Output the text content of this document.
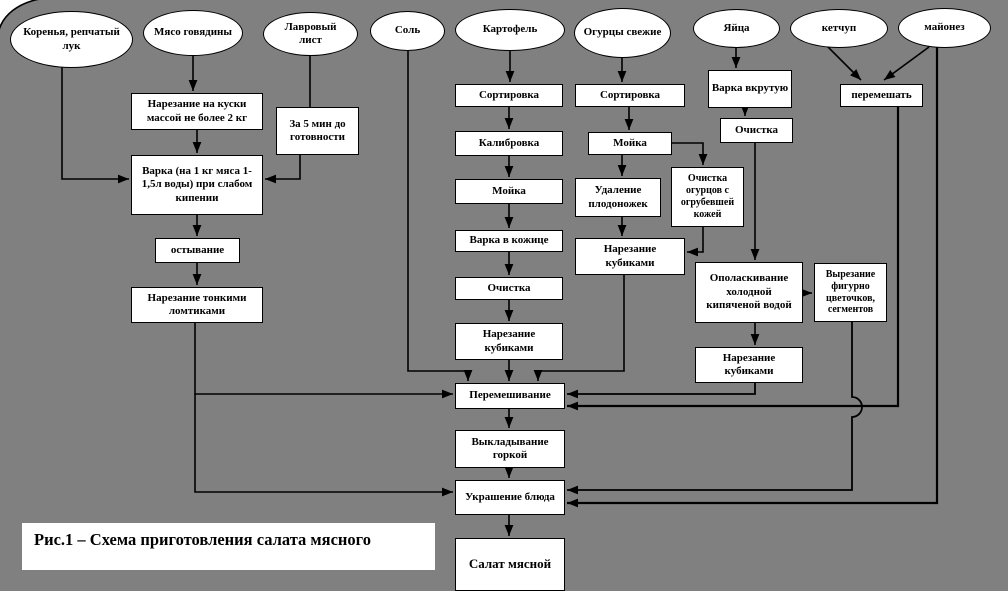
Коренья, репчатый лук
Мясо говядины	Лавровый лист
Соль	Картофель	Огурцы свежие	Яйца	кетчуп	майонез
Нарезание на куски массой не более 2 кг
За 5 мин до готовности
Варка (на 1 кг мяса 1-1,5л воды) при слабом кипении
остывание
Нарезание тонкими ломтиками
Сортировка
Калибровка
Мойка
Варка в кожице
Очистка
Нарезание кубиками
Сортировка
Мойка
Удаление плодоножек
Очистка огурцов с огрубевшей кожей
Нарезание кубиками
Варка вкрутую
Очистка
Ополаскивание холодной кипяченой водой
Вырезание фигурно цветочков, сегментов
Нарезание кубиками
перемешать
Перемешивание
Выкладывание горкой
Украшение блюда
Салат мясной
Рис.1 – Схема приготовления салата мясного
